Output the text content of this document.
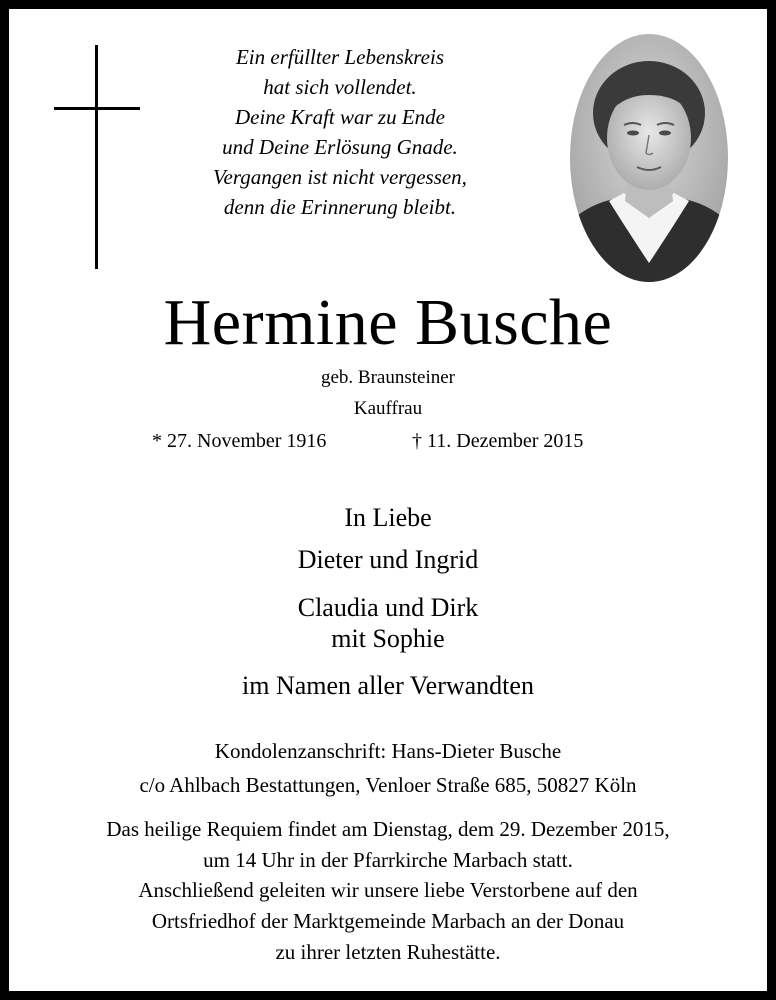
Ein erfüllter Lebenskreis
hat sich vollendet.
Deine Kraft war zu Ende
und Deine Erlösung Gnade.
Vergangen ist nicht vergessen,
denn die Erinnerung bleibt.
Hermine Busche
geb. Braunsteiner
Kauffrau
* 27. November 1916	† 11. Dezember 2015
In Liebe
Dieter und Ingrid
Claudia und Dirk
mit Sophie
im Namen aller Verwandten
Kondolenzanschrift: Hans-Dieter Busche
c/o Ahlbach Bestattungen, Venloer Straße 685, 50827 Köln
Das heilige Requiem findet am Dienstag, dem 29. Dezember 2015,
um 14 Uhr in der Pfarrkirche Marbach statt.
Anschließend geleiten wir unsere liebe Verstorbene auf den
Ortsfriedhof der Marktgemeinde Marbach an der Donau
zu ihrer letzten Ruhestätte.
